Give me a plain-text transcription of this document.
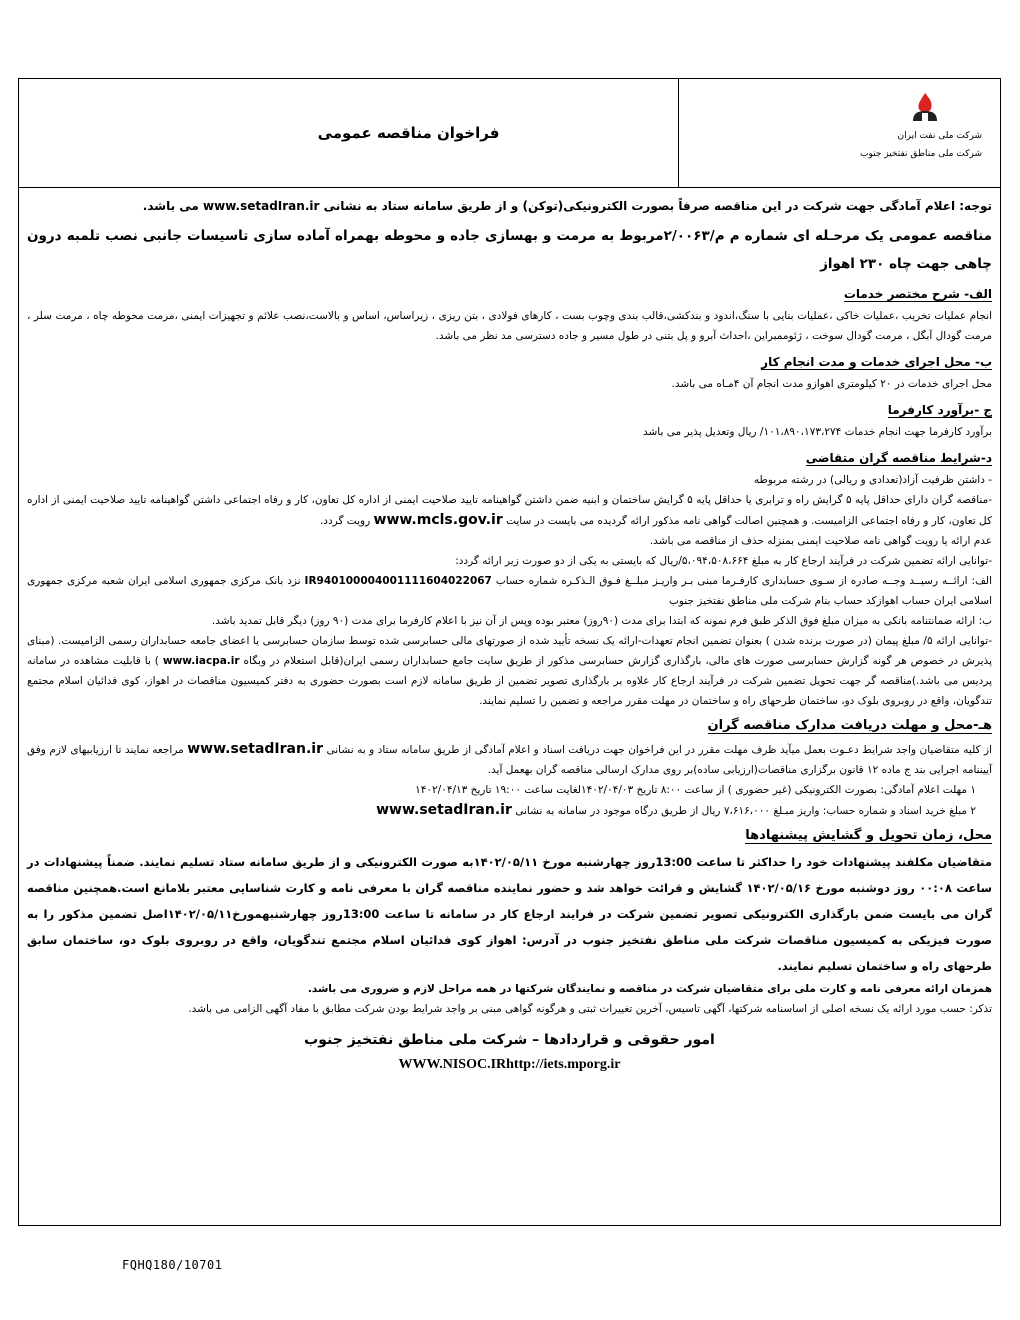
شرکت ملی نفت ایران
شرکت ملی مناطق نفتخیز جنوب
فراخوان مناقصه عمومی

توجه: اعلام آمادگی جهت شرکت در این مناقصه صرفاً بصورت الکترونیکی(توکن) و از طریق سامانه ستاد به نشانی www.setadIran.ir می باشد.

مناقصه عمومی یک مرحـله ای شماره م م/۲/۰۰۶۳مربوط به مرمت و بهسازی جاده و محوطه بهمراه آماده سازی تاسیسات جانبی نصب تلمبه درون چاهی جهت چاه ۲۳۰ اهواز

الف- شرح مختصر خدمات

انجام عملیات تخریب ،عملیات خاکی ،عملیات بنایی با سنگ،اندود و بندکشی،قالب بندی وچوب بست ، کارهای فولادی ، بتن ریزی ، زیراساس، اساس و بالاست،نصب علائم و تجهیزات ایمنی ،مرمت محوطه چاه ، مرمت سلر ، مرمت گودال آبگل ، مرمت گودال سوخت ، ژئوممبراین ،احداث آبرو و پل بتنی در طول مسیر و جاده دسترسی مد نظر می باشد.

ب- محل اجرای خدمات و مدت انجام کار

محل اجرای خدمات در ۲۰ کیلومتری اهوازو مدت انجام آن ۴مـاه می باشد.

ج -برآورد کارفرما

برآورد کارفرما جهت انجام خدمات ۱۰۱،۸۹۰،۱۷۳،۲۷۴/ ریال وتعدیل پذیر می باشد

د-شرایط مناقصه گران متقاضی

- داشتن ظرفیت آزاد(تعدادی و ریالی) در رشته مربوطه

-مناقصه گران دارای حداقل پایه ۵ گرایش راه و ترابری یا حداقل پایه ۵ گرایش ساختمان و ابنیه ضمن داشتن گواهینامه تایید صلاحیت ایمنی از اداره کل تعاون، کار و رفاه اجتماعی داشتن گواهینامه تایید صلاحیت ایمنی از اداره کل تعاون، کار و رفاه اجتماعی الزامیست. و همچنین اصالت گواهی نامه مذکور ارائه گردیده می بایست در سایت www.mcls.gov.ir رویت گردد.

عدم ارائه یا رویت گواهی نامه صلاحیت ایمنی بمنزله حذف از مناقصه می باشد.

-توانایی ارائه تضمین شرکت در فرآیند ارجاع کار به مبلغ ۵،۰۹۴،۵۰۸،۶۶۴/ریال که بایستی به یکی از دو صورت زیر ارائه گردد:

الف: ارائــه رسیــد وجــه صادره از سـوی حسابداری کارفـرما مبنی بـر واریـز مبلــغ فـوق الـذکـره شماره حساب IR940100004001111604022067 نزد بانک مرکزی جمهوری اسلامی ایران شعبه مرکزی جمهوری اسلامی ایران حساب اهوازکد حساب بنام شرکت ملی مناطق نفتخیز جنوب

ب: ارائه ضمانتنامه بانکی به میزان مبلغ فوق الذکر طبق فرم نمونه که ابتدا برای مدت (۹۰روز) معتبر بوده وپس از آن نیز با اعلام کارفرما برای مدت (۹۰ روز) دیگر قابل تمدید باشد.

-توانایی ارائه ۵/ مبلغ پیمان (در صورت برنده شدن ) بعنوان تضمین انجام تعهدات-ارائه یک نسخه تأیید شده از صورتهای مالی حسابرسی شده توسط سازمان حسابرسی یا اعضای جامعه حسابداران رسمی الزامیست. (مبنای پذیرش در خصوص هر گونه گزارش حسابرسی صورت های مالی، بارگذاری گزارش حسابرسی مذکور از طریق سایت جامع حسابداران رسمی ایران(قابل استعلام در وبگاه www.iacpa.ir ) با قابلیت مشاهده در سامانه پردیس می باشد.)مناقصه گر جهت تحویل تضمین شرکت در فرآیند ارجاع کار علاوه بر بارگذاری تصویر تضمین از طریق سامانه لازم است بصورت حضوری به دفتر کمیسیون مناقصات در اهواز، کوی فدائیان اسلام مجتمع تندگویان، واقع در روبروی بلوک دو، ساختمان طرحهای راه و ساختمان در مهلت مقرر مراجعه و تضمین را تسلیم نمایند.

هـ-محل و مهلت دریافت مدارک مناقصه گران

از کلیه متقاضیان واجد شرایط دعـوت بعمل میآید ظرف مهلت مقرر در این فراخوان جهت دریافت اسناد و اعلام آمادگی از طریق سامانه ستاد و به نشانی www.setadIran.ir مراجعه نمایند تا ارزیابیهای لازم وفق آییننامه اجرایی بند ج ماده ۱۲ قانون برگزاری مناقصات(ارزیابی ساده)بر روی مدارک ارسالی مناقصه گران بهعمل آید.

۱ مهلت اعلام آمادگی: بصورت الکترونیکی (غیر حضوری ) از ساعت ۸:۰۰ تاریخ ۱۴۰۲/۰۴/۰۳لغایت ساعت ۱۹:۰۰ تاریخ ۱۴۰۲/۰۴/۱۳

۲ مبلغ خرید اسناد و شماره حساب: واریز مبـلغ ۷،۶۱۶،۰۰۰ ریال از طریق درگاه موجود در سامانه به نشانی www.setadIran.ir

محل، زمان تحویل و گشایش پیشنهادها

متقاضیان مکلفند پیشنهادات خود را حداکثر تا ساعت 13:00روز چهارشنبه مورخ ۱۴۰۲/۰۵/۱۱به صورت الکترونیکی و از طریق سامانه ستاد تسلیم نمایند. ضمناً پیشنهادات در ساعت ۰۰:۰۸ روز دوشنبه مورخ ۱۴۰۲/۰۵/۱۶ گشایش و قرائت خواهد شد و حضور نماینده مناقصه گران با معرفی نامه و کارت شناسایی معتبر بلامانع است.همچنین مناقصه گران می بایست ضمن بارگذاری الکترونیکی تصویر تضمین شرکت در فرایند ارجاع کار در سامانه تا ساعت 13:00روز چهارشنبهمورخ۱۴۰۲/۰۵/۱۱اصل تضمین مذکور را به صورت فیزیکی به کمیسیون مناقصات شرکت ملی مناطق نفتخیز جنوب در آدرس: اهواز کوی فدائیان اسلام مجتمع تندگویان، واقع در روبروی بلوک دو، ساختمان سابق طرحهای راه و ساختمان تسلیم نمایند.

همزمان ارائه معرفی نامه و کارت ملی برای متقاضیان شرکت در مناقصه و نمایندگان شرکتها در همه مراحل لازم و ضروری می باشد.

تذکر: حسب مورد ارائه یک نسخه اصلی از اساسنامه شرکتها، آگهی تاسیس، آخرین تغییرات ثبتی و هرگونه گواهی مبنی بر واجد شرایط بودن شرکت مطابق با مفاد آگهی الزامی می باشد.

امور حقوقی و قراردادها – شرکت ملی مناطق نفتخیز جنوب

WWW.NISOC.IRhttp://iets.mporg.ir

FQHQ180/10701
